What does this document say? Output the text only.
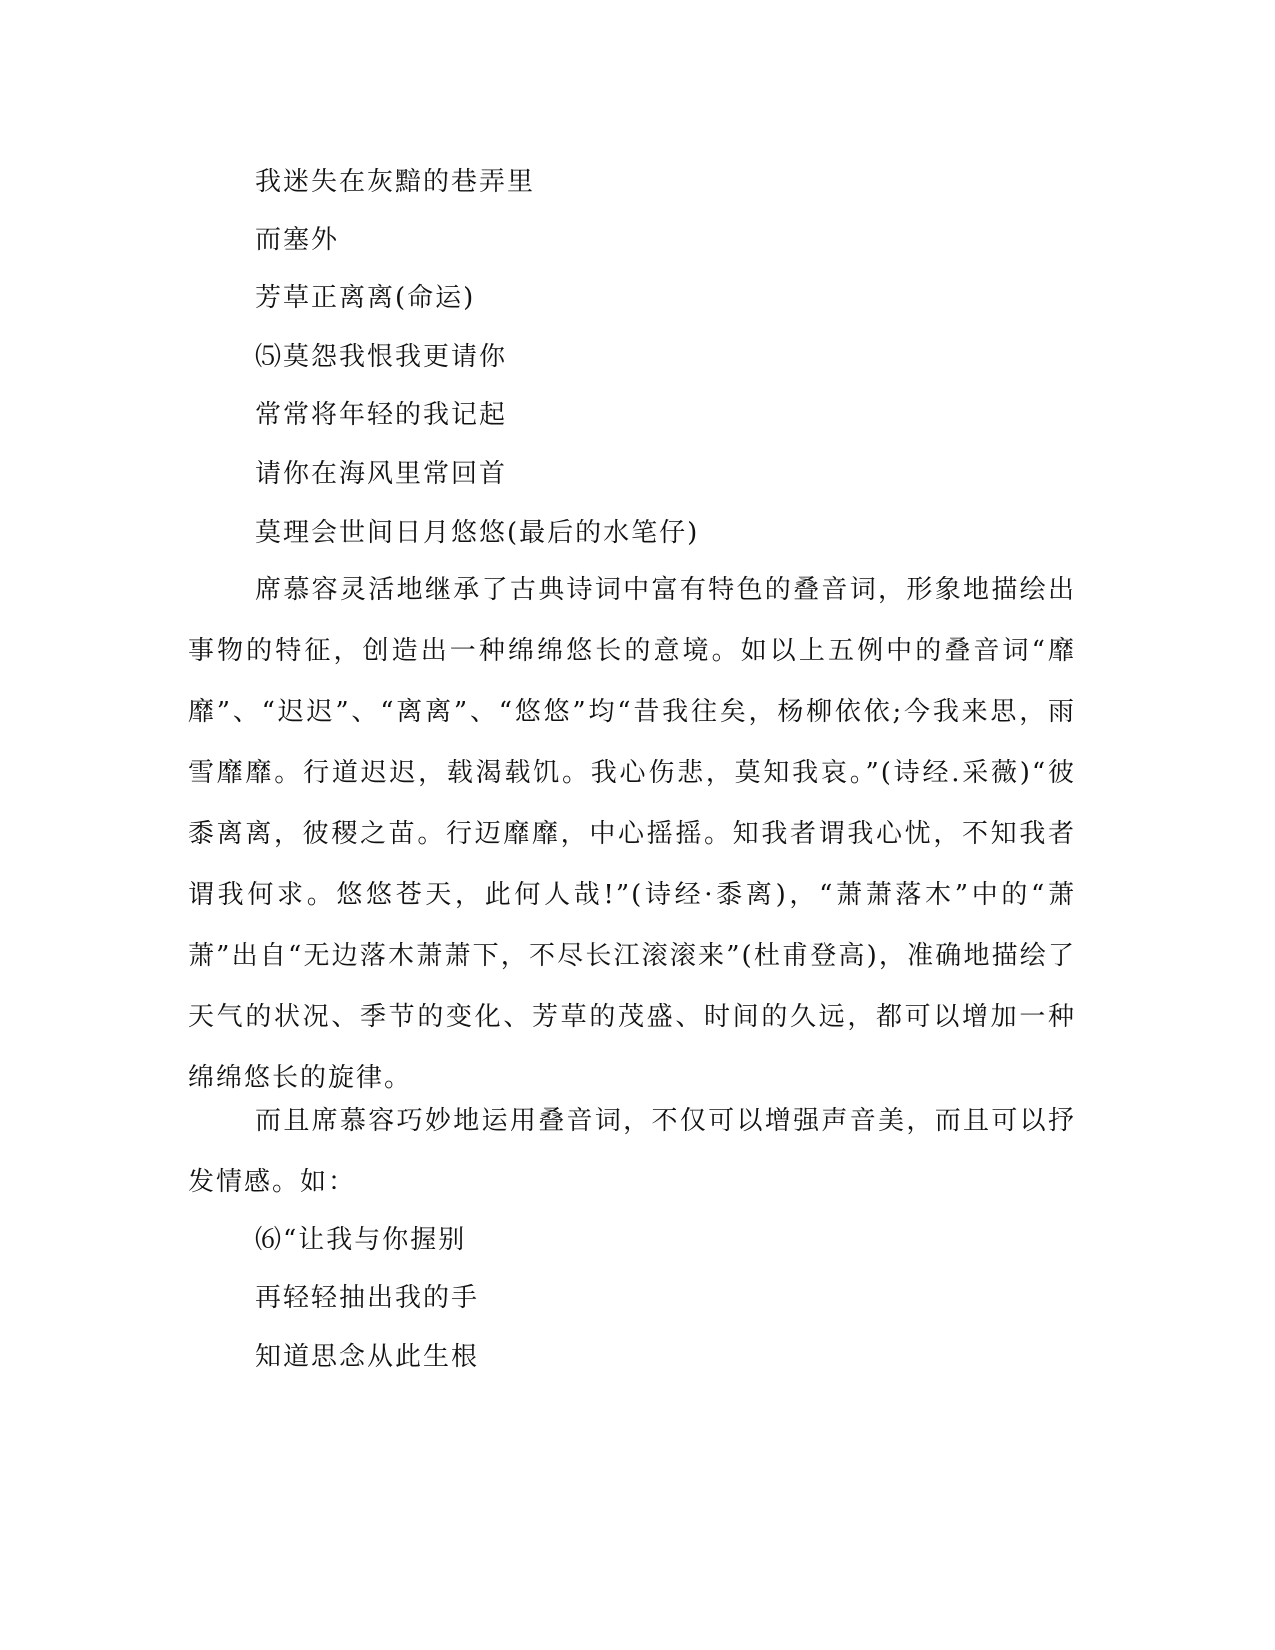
我迷失在灰黯的巷弄里
而塞外
芳草正离离(命运)
⑸莫怨我恨我更请你
常常将年轻的我记起
请你在海风里常回首
莫理会世间日月悠悠(最后的水笔仔)
席慕容灵活地继承了古典诗词中富有特色的叠音词，形象地描绘出事物的特征，创造出一种绵绵悠长的意境。如以上五例中的叠音词“靡靡”、“迟迟”、“离离”、“悠悠”均“昔我往矣，杨柳依依;今我来思，雨雪靡靡。行道迟迟，载渴载饥。我心伤悲，莫知我哀。”(诗经.采薇)“彼黍离离，彼稷之苗。行迈靡靡，中心摇摇。知我者谓我心忧，不知我者谓我何求。悠悠苍天，此何人哉!”(诗经·黍离)，“萧萧落木”中的“萧萧”出自“无边落木萧萧下，不尽长江滚滚来”(杜甫登高)，准确地描绘了天气的状况、季节的变化、芳草的茂盛、时间的久远，都可以增加一种绵绵悠长的旋律。
而且席慕容巧妙地运用叠音词，不仅可以增强声音美，而且可以抒发情感。如：
⑹“让我与你握别
再轻轻抽出我的手
知道思念从此生根
